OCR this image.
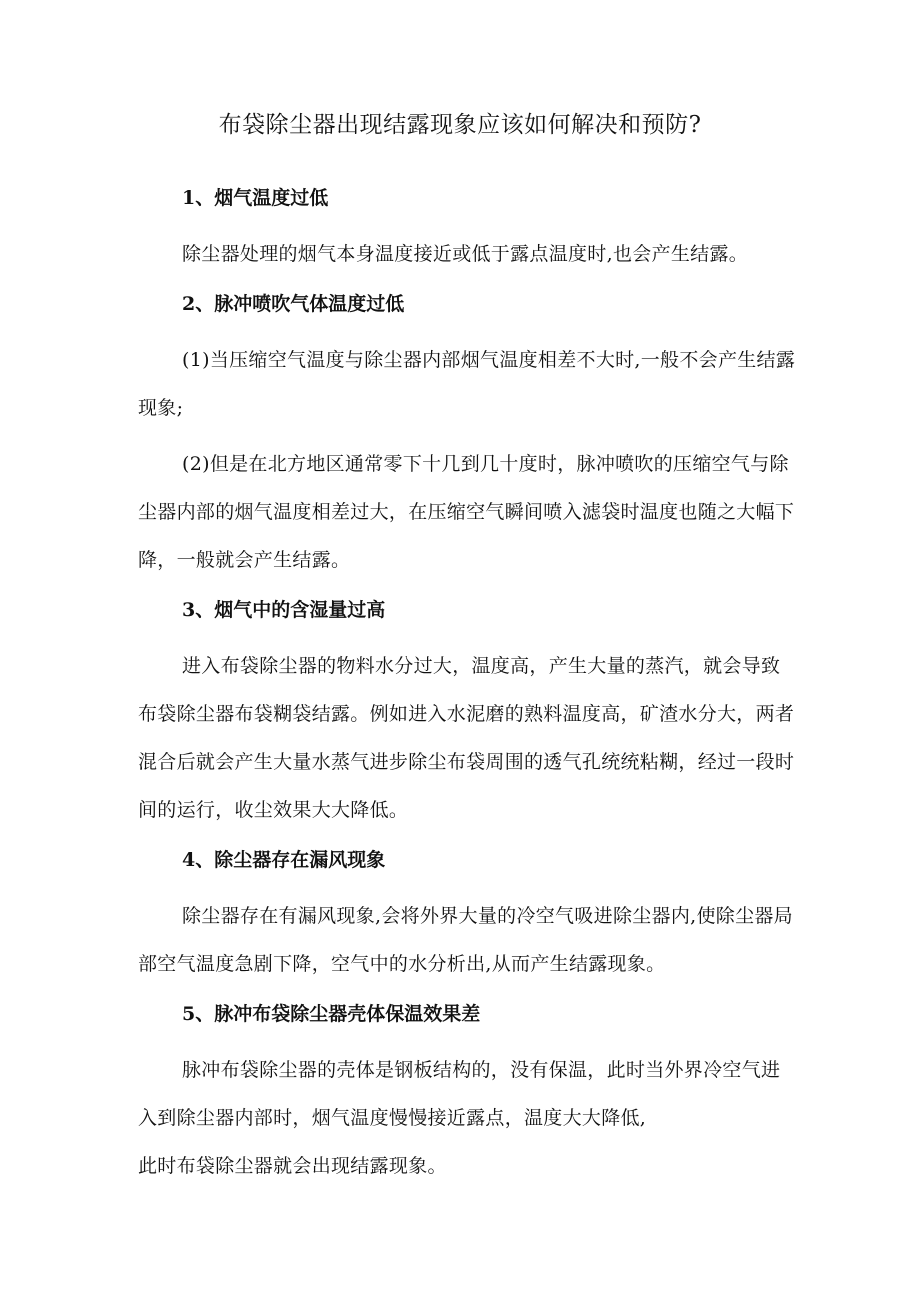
布袋除尘器出现结露现象应该如何解决和预防?
1、烟气温度过低
除尘器处理的烟气本身温度接近或低于露点温度时,也会产生结露。
2、脉冲喷吹气体温度过低
(1)当压缩空气温度与除尘器内部烟气温度相差不大时,一般不会产生结露现象;
(2)但是在北方地区通常零下十几到几十度时，脉冲喷吹的压缩空气与除尘器内部的烟气温度相差过大，在压缩空气瞬间喷入滤袋时温度也随之大幅下降，一般就会产生结露。
3、烟气中的含湿量过高
进入布袋除尘器的物料水分过大，温度高，产生大量的蒸汽，就会导致布袋除尘器布袋糊袋结露。例如进入水泥磨的熟料温度高，矿渣水分大，两者混合后就会产生大量水蒸气进步除尘布袋周围的透气孔统统粘糊，经过一段时间的运行，收尘效果大大降低。
4、除尘器存在漏风现象
除尘器存在有漏风现象,会将外界大量的冷空气吸进除尘器内,使除尘器局部空气温度急剧下降，空气中的水分析出,从而产生结露现象。
5、脉冲布袋除尘器壳体保温效果差
脉冲布袋除尘器的壳体是钢板结构的，没有保温，此时当外界冷空气进入到除尘器内部时，烟气温度慢慢接近露点，温度大大降低,
此时布袋除尘器就会出现结露现象。
